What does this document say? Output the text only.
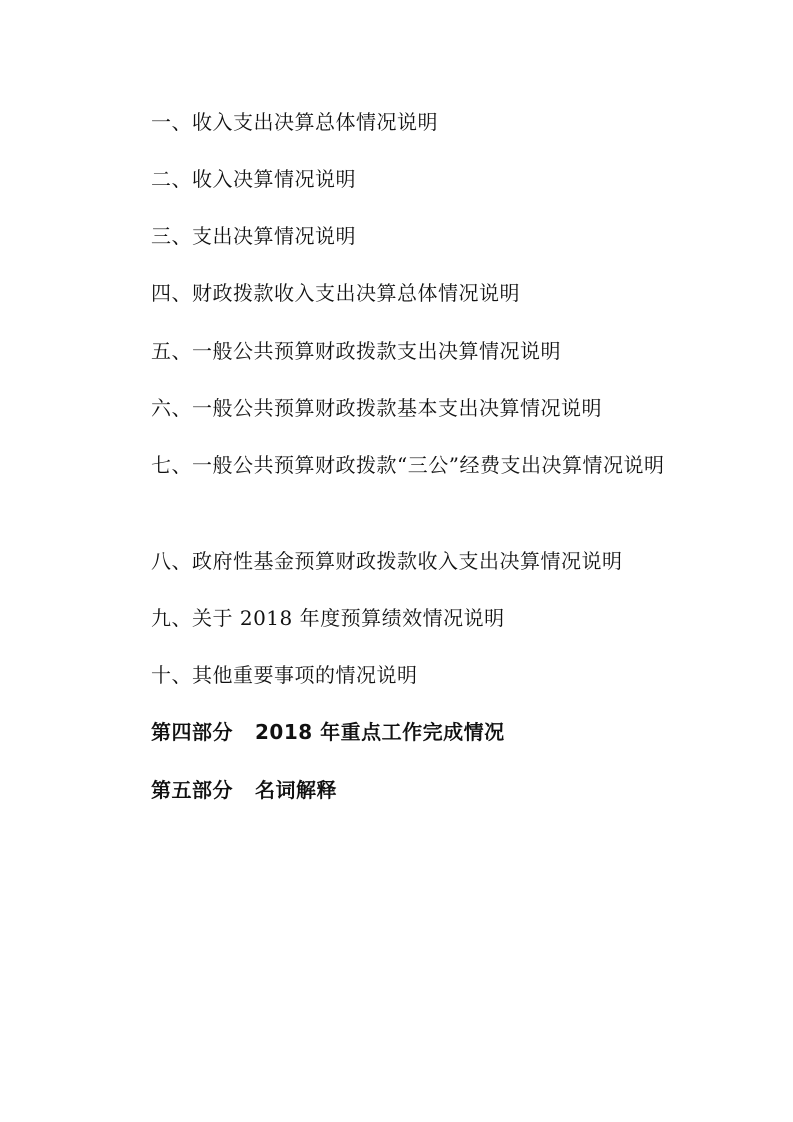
一、收入支出决算总体情况说明
二、收入决算情况说明
三、支出决算情况说明
四、财政拨款收入支出决算总体情况说明
五、一般公共预算财政拨款支出决算情况说明
六、一般公共预算财政拨款基本支出决算情况说明
七、一般公共预算财政拨款“三公”经费支出决算情况说明
八、政府性基金预算财政拨款收入支出决算情况说明
九、关于 2018 年度预算绩效情况说明
十、其他重要事项的情况说明
第四部分 2018 年重点工作完成情况
第五部分 名词解释
